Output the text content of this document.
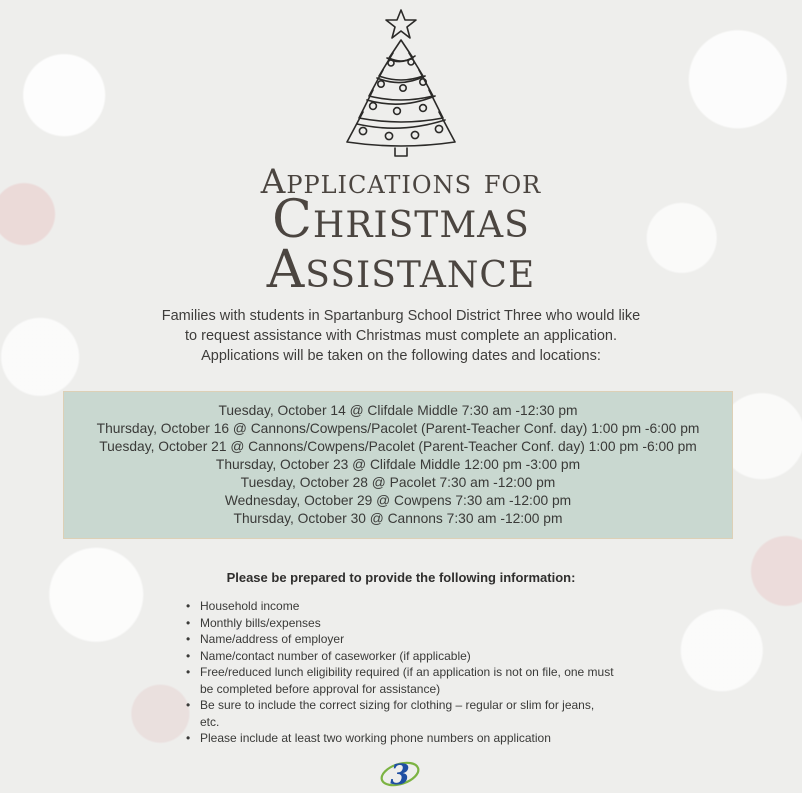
Applications for
Christmas
Assistance
Families with students in Spartanburg School District Three who would like
to request assistance with Christmas must complete an application.
Applications will be taken on the following dates and locations:
Tuesday, October 14 @ Clifdale Middle 7:30 am -12:30 pm
Thursday, October 16 @ Cannons/Cowpens/Pacolet (Parent-Teacher Conf. day) 1:00 pm -6:00 pm
Tuesday, October 21 @ Cannons/Cowpens/Pacolet (Parent-Teacher Conf. day) 1:00 pm -6:00 pm
Thursday, October 23 @ Clifdale Middle 12:00 pm -3:00 pm
Tuesday, October 28 @ Pacolet 7:30 am -12:00 pm
Wednesday, October 29 @ Cowpens 7:30 am -12:00 pm
Thursday, October 30 @ Cannons 7:30 am -12:00 pm
Please be prepared to provide the following information:
• Household income
• Monthly bills/expenses
• Name/address of employer
• Name/contact number of caseworker (if applicable)
• Free/reduced lunch eligibility required (if an application is not on file, one must be completed before approval for assistance)
• Be sure to include the correct sizing for clothing – regular or slim for jeans, etc.
• Please include at least two working phone numbers on application
3
